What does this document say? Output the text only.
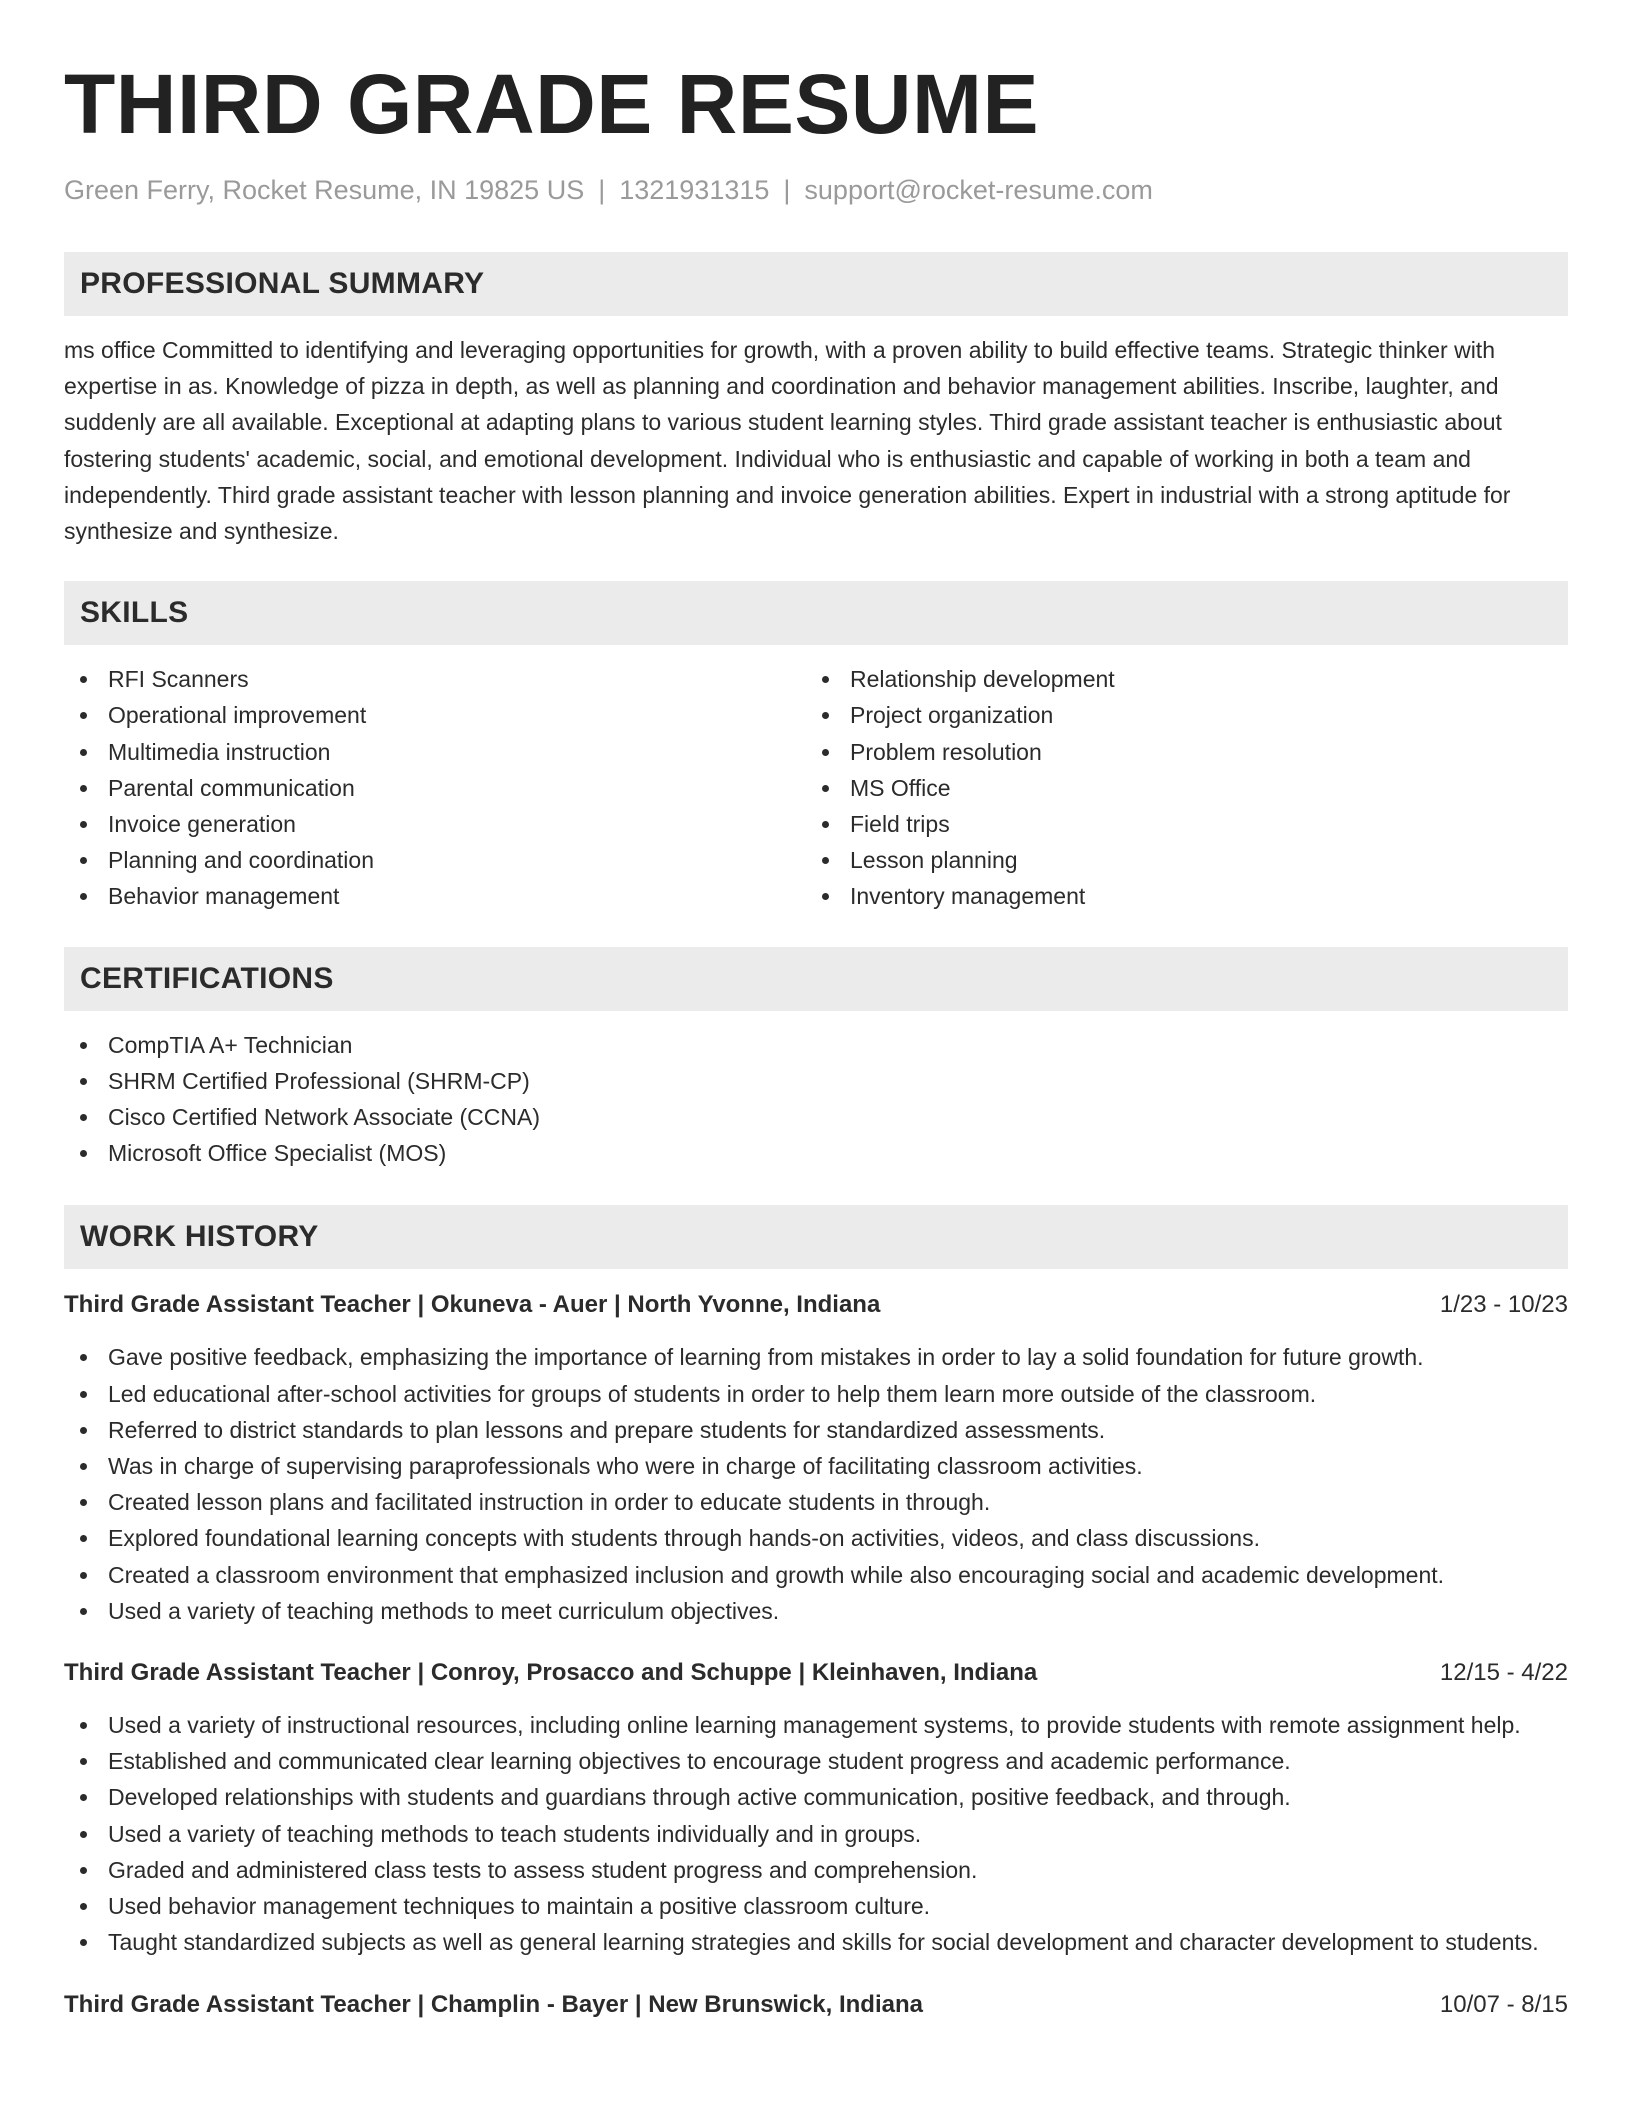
THIRD GRADE RESUME
Green Ferry, Rocket Resume, IN 19825 US | 1321931315 | support@rocket-resume.com
PROFESSIONAL SUMMARY

ms office Committed to identifying and leveraging opportunities for growth, with a proven ability to build effective teams. Strategic thinker with expertise in as. Knowledge of pizza in depth, as well as planning and coordination and behavior management abilities. Inscribe, laughter, and suddenly are all available. Exceptional at adapting plans to various student learning styles. Third grade assistant teacher is enthusiastic about fostering students' academic, social, and emotional development. Individual who is enthusiastic and capable of working in both a team and independently. Third grade assistant teacher with lesson planning and invoice generation abilities. Expert in industrial with a strong aptitude for synthesize and synthesize.

SKILLS
RFI Scanners
Operational improvement
Multimedia instruction
Parental communication
Invoice generation
Planning and coordination
Behavior management
Relationship development
Project organization
Problem resolution
MS Office
Field trips
Lesson planning
Inventory management
CERTIFICATIONS
CompTIA A+ Technician
SHRM Certified Professional (SHRM-CP)
Cisco Certified Network Associate (CCNA)
Microsoft Office Specialist (MOS)
WORK HISTORY
Third Grade Assistant Teacher | Okuneva - Auer | North Yvonne, Indiana	1/23 - 10/23
Gave positive feedback, emphasizing the importance of learning from mistakes in order to lay a solid foundation for future growth.
Led educational after-school activities for groups of students in order to help them learn more outside of the classroom.
Referred to district standards to plan lessons and prepare students for standardized assessments.
Was in charge of supervising paraprofessionals who were in charge of facilitating classroom activities.
Created lesson plans and facilitated instruction in order to educate students in through.
Explored foundational learning concepts with students through hands-on activities, videos, and class discussions.
Created a classroom environment that emphasized inclusion and growth while also encouraging social and academic development.
Used a variety of teaching methods to meet curriculum objectives.
Third Grade Assistant Teacher | Conroy, Prosacco and Schuppe | Kleinhaven, Indiana	12/15 - 4/22
Used a variety of instructional resources, including online learning management systems, to provide students with remote assignment help.
Established and communicated clear learning objectives to encourage student progress and academic performance.
Developed relationships with students and guardians through active communication, positive feedback, and through.
Used a variety of teaching methods to teach students individually and in groups.
Graded and administered class tests to assess student progress and comprehension.
Used behavior management techniques to maintain a positive classroom culture.
Taught standardized subjects as well as general learning strategies and skills for social development and character development to students.
Third Grade Assistant Teacher | Champlin - Bayer | New Brunswick, Indiana	10/07 - 8/15
